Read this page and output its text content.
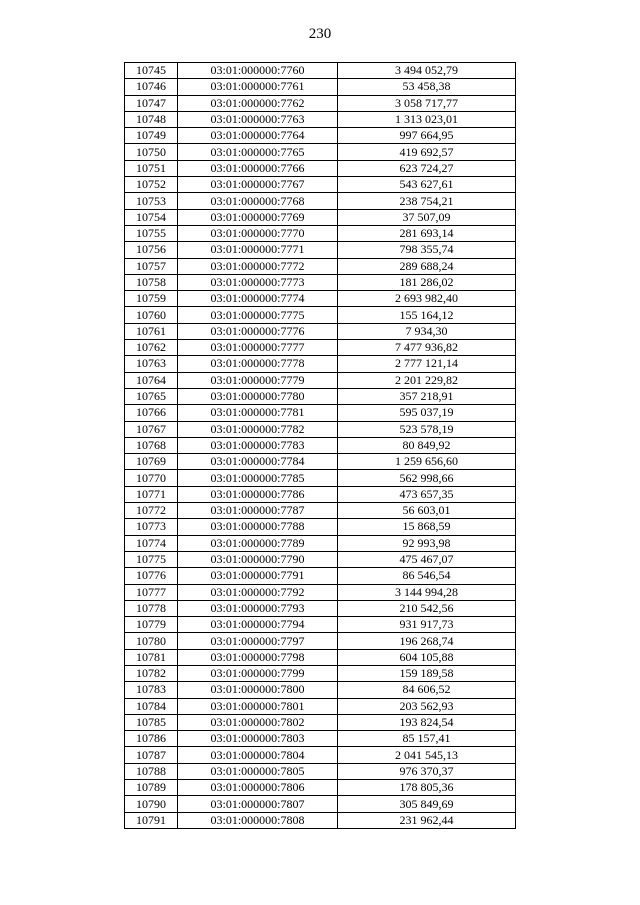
230
10745	03:01:000000:7760	3 494 052,79
10746	03:01:000000:7761	53 458,38
10747	03:01:000000:7762	3 058 717,77
10748	03:01:000000:7763	1 313 023,01
10749	03:01:000000:7764	997 664,95
10750	03:01:000000:7765	419 692,57
10751	03:01:000000:7766	623 724,27
10752	03:01:000000:7767	543 627,61
10753	03:01:000000:7768	238 754,21
10754	03:01:000000:7769	37 507,09
10755	03:01:000000:7770	281 693,14
10756	03:01:000000:7771	798 355,74
10757	03:01:000000:7772	289 688,24
10758	03:01:000000:7773	181 286,02
10759	03:01:000000:7774	2 693 982,40
10760	03:01:000000:7775	155 164,12
10761	03:01:000000:7776	7 934,30
10762	03:01:000000:7777	7 477 936,82
10763	03:01:000000:7778	2 777 121,14
10764	03:01:000000:7779	2 201 229,82
10765	03:01:000000:7780	357 218,91
10766	03:01:000000:7781	595 037,19
10767	03:01:000000:7782	523 578,19
10768	03:01:000000:7783	80 849,92
10769	03:01:000000:7784	1 259 656,60
10770	03:01:000000:7785	562 998,66
10771	03:01:000000:7786	473 657,35
10772	03:01:000000:7787	56 603,01
10773	03:01:000000:7788	15 868,59
10774	03:01:000000:7789	92 993,98
10775	03:01:000000:7790	475 467,07
10776	03:01:000000:7791	86 546,54
10777	03:01:000000:7792	3 144 994,28
10778	03:01:000000:7793	210 542,56
10779	03:01:000000:7794	931 917,73
10780	03:01:000000:7797	196 268,74
10781	03:01:000000:7798	604 105,88
10782	03:01:000000:7799	159 189,58
10783	03:01:000000:7800	84 606,52
10784	03:01:000000:7801	203 562,93
10785	03:01:000000:7802	193 824,54
10786	03:01:000000:7803	85 157,41
10787	03:01:000000:7804	2 041 545,13
10788	03:01:000000:7805	976 370,37
10789	03:01:000000:7806	178 805,36
10790	03:01:000000:7807	305 849,69
10791	03:01:000000:7808	231 962,44
